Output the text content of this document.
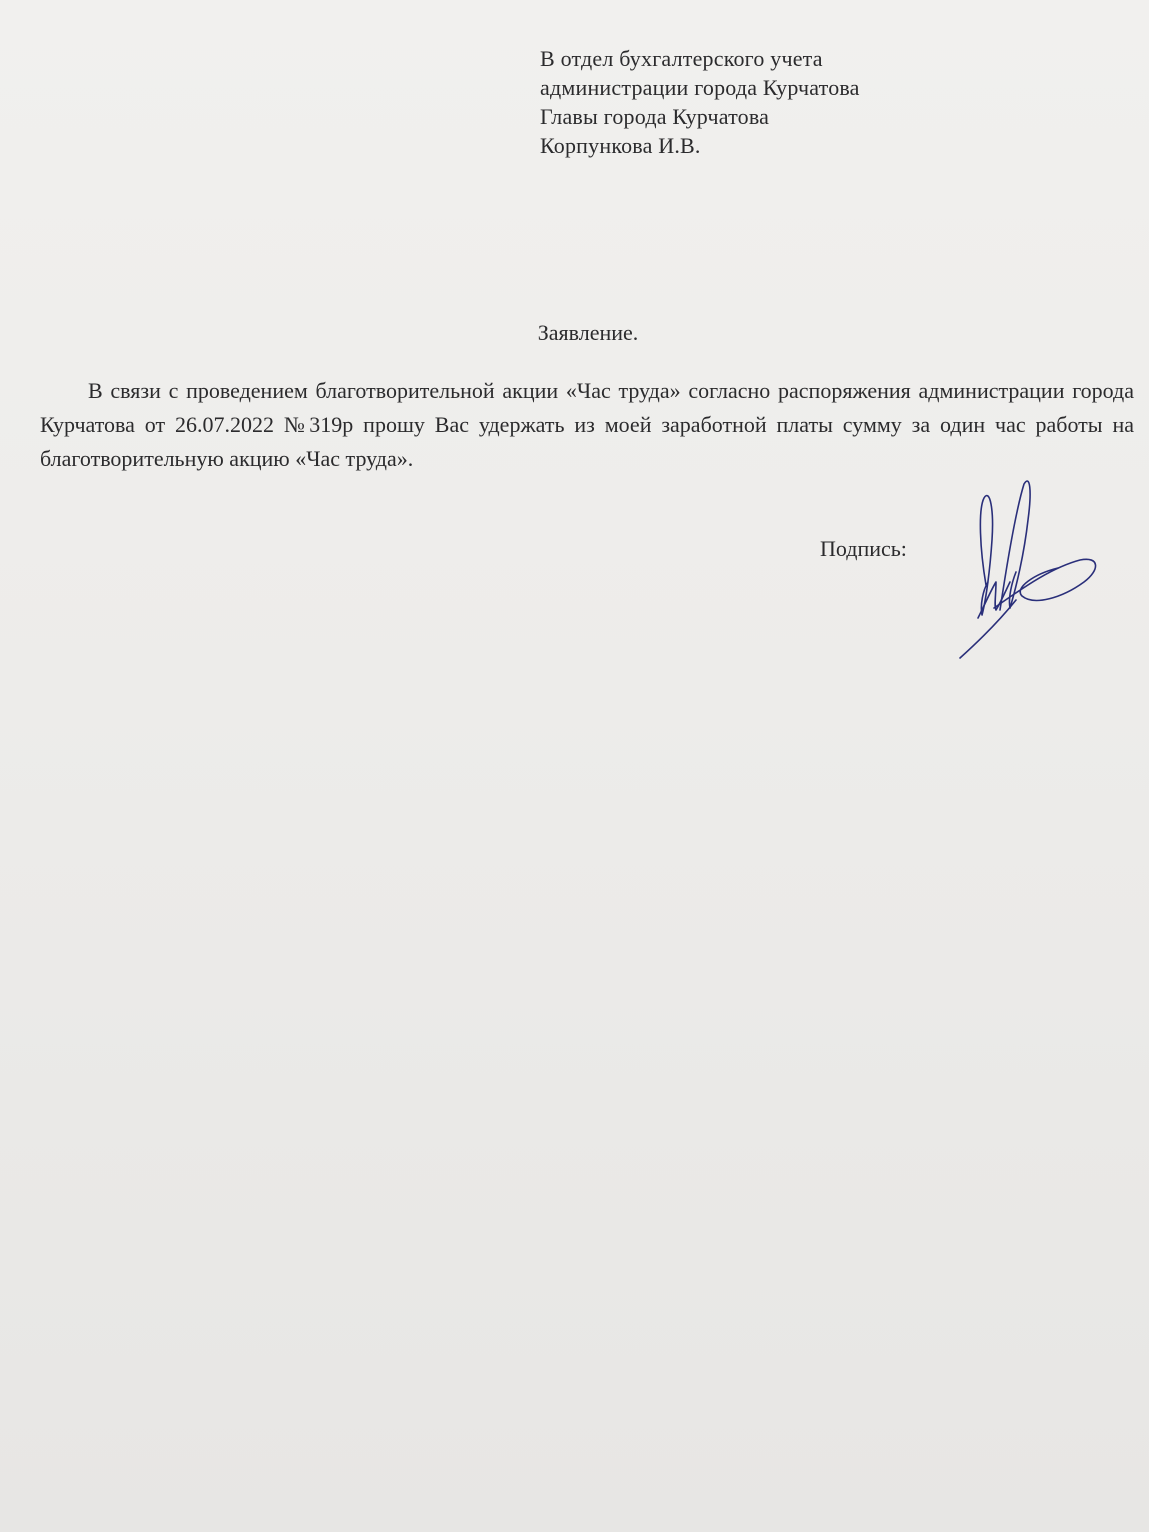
В отдел бухгалтерского учета
администрации города Курчатова
Главы города Курчатова
Корпункова И.В.
Заявление.
В связи с проведением благотворительной акции «Час труда» согласно распоряжения администрации города Курчатова от 26.07.2022 №319р прошу Вас удержать из моей заработной платы сумму за один час работы на благотворительную акцию «Час труда».
Подпись:
